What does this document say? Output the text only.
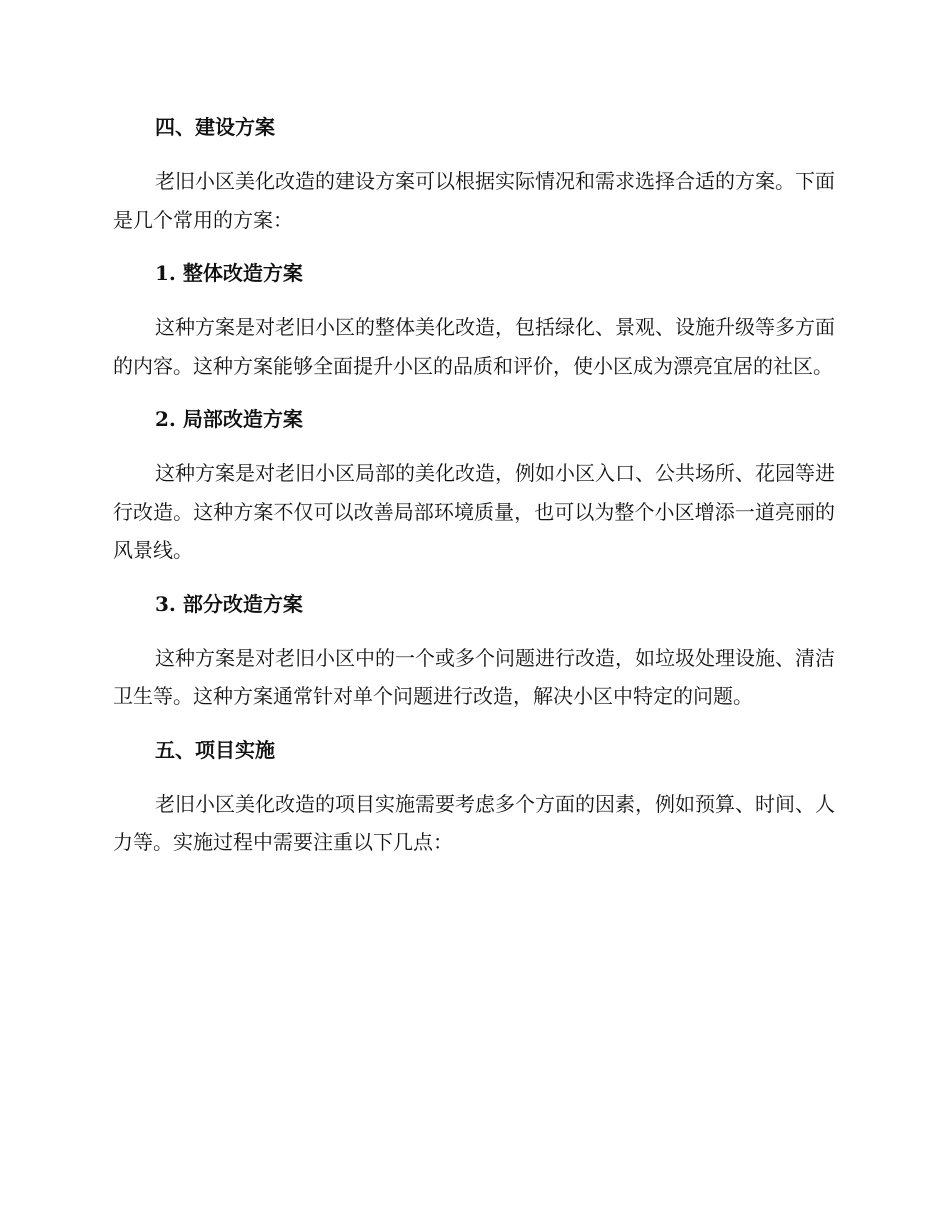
四、建设方案

老旧小区美化改造的建设方案可以根据实际情况和需求选择合适的方案。下面是几个常用的方案：

1. 整体改造方案

这种方案是对老旧小区的整体美化改造，包括绿化、景观、设施升级等多方面的内容。这种方案能够全面提升小区的品质和评价，使小区成为漂亮宜居的社区。

2. 局部改造方案

这种方案是对老旧小区局部的美化改造，例如小区入口、公共场所、花园等进行改造。这种方案不仅可以改善局部环境质量，也可以为整个小区增添一道亮丽的风景线。

3. 部分改造方案

这种方案是对老旧小区中的一个或多个问题进行改造，如垃圾处理设施、清洁卫生等。这种方案通常针对单个问题进行改造，解决小区中特定的问题。

五、项目实施

老旧小区美化改造的项目实施需要考虑多个方面的因素，例如预算、时间、人力等。实施过程中需要注重以下几点：
